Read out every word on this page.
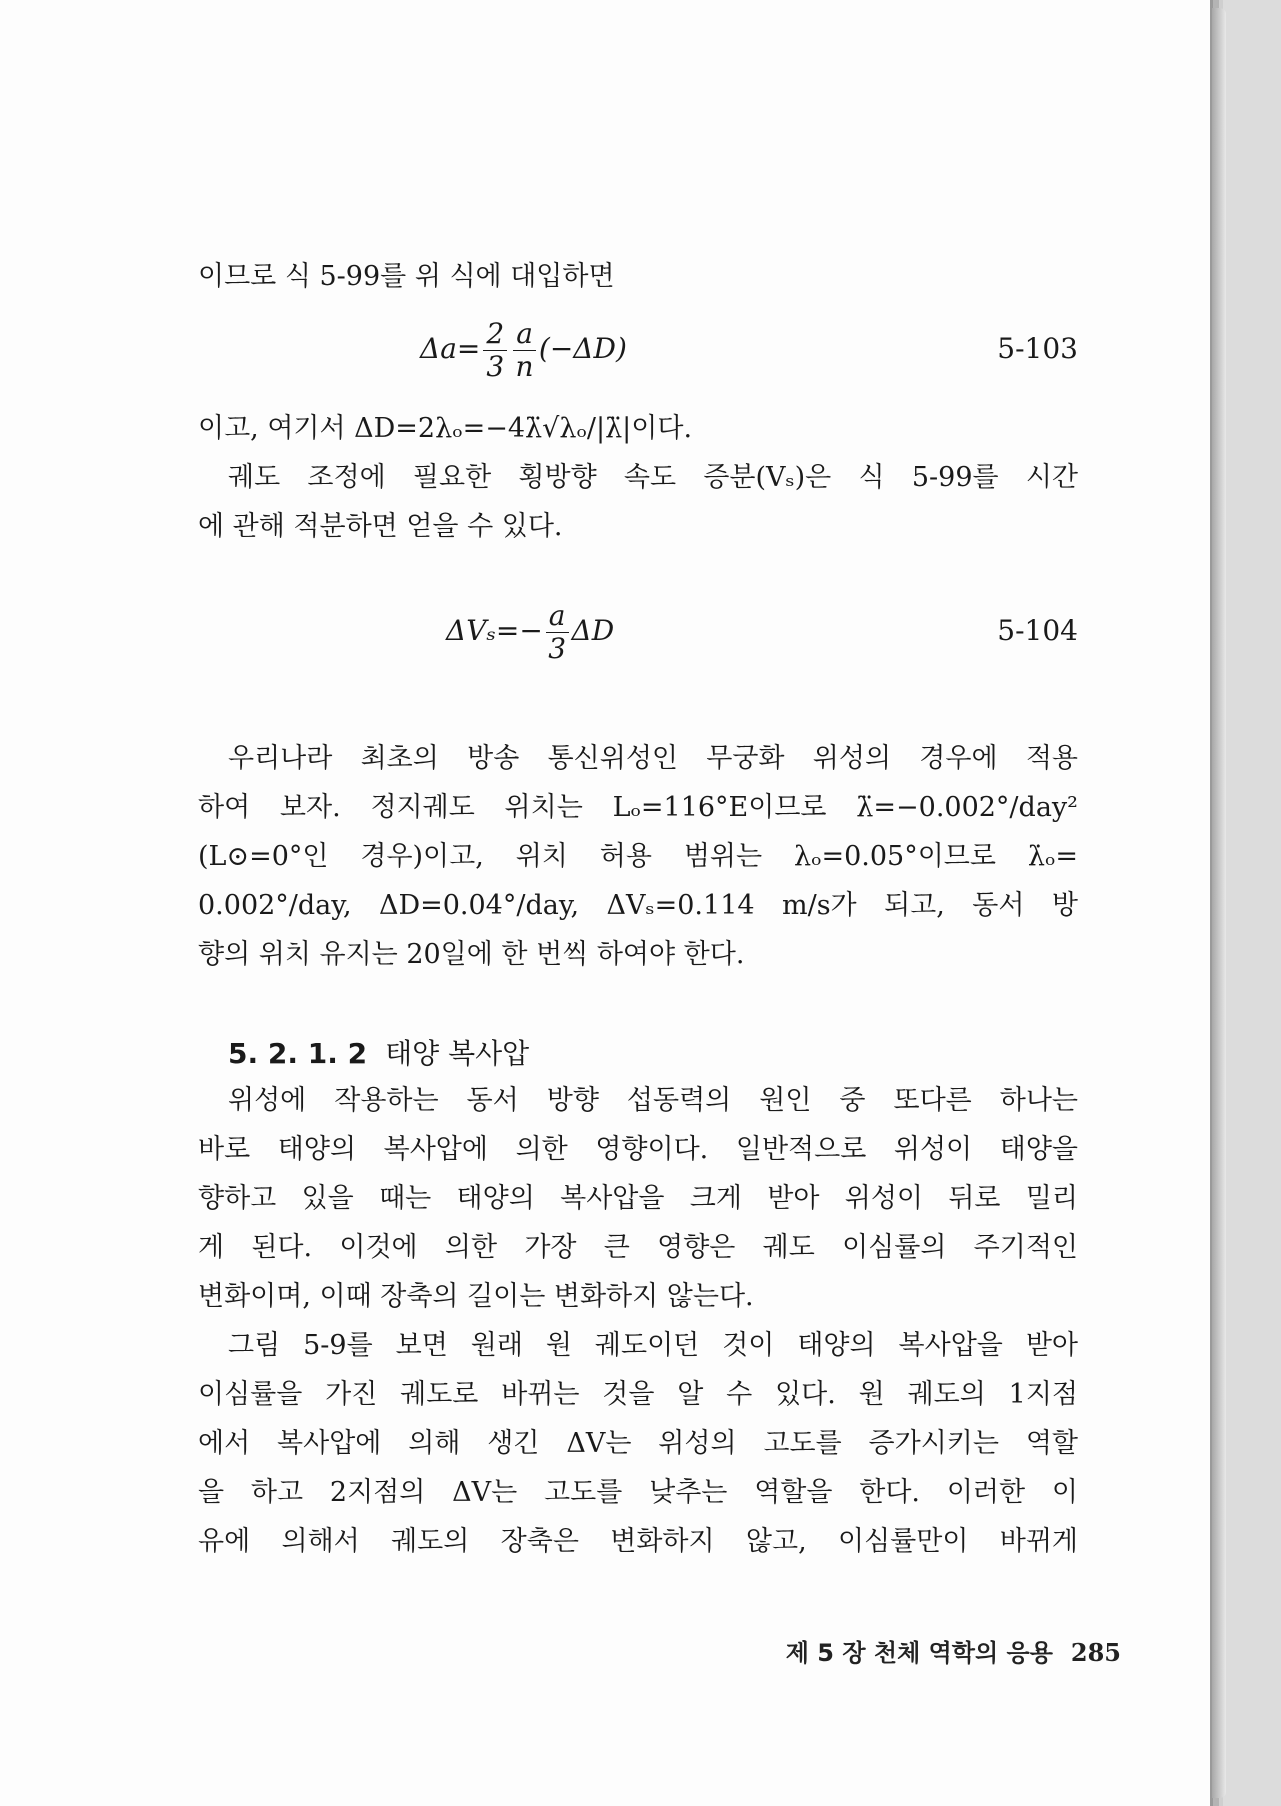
이므로 식 5-99를 위 식에 대입하면
$\Delta a= \frac{2}{3} \frac{a}{n} (-\Delta D)$	5-103
이고, 여기서 ΔD=2λₒ=−4λ̈√λₒ/|λ̈|이다.
궤도 조정에 필요한 횡방향 속도 증분(Vₛ)은 식 5-99를 시간
에 관해 적분하면 얻을 수 있다.
$\Delta V_s=- \frac{a}{3}$ ΔD	5-104
우리나라 최초의 방송 통신위성인 무궁화 위성의 경우에 적용
하여 보자. 정지궤도 위치는 Lₒ=116°E이므로 λ̈=−0.002°/day²
(L⊙=0°인 경우)이고, 위치 허용 범위는 λₒ=0.05°이므로 λ̇ₒ=
0.002°/day, ΔD=0.04°/day, ΔVₛ=0.114 m/s가 되고, 동서 방
향의 위치 유지는 20일에 한 번씩 하여야 한다.
5. 2. 1. 2 태양 복사압
위성에 작용하는 동서 방향 섭동력의 원인 중 또다른 하나는
바로 태양의 복사압에 의한 영향이다. 일반적으로 위성이 태양을
향하고 있을 때는 태양의 복사압을 크게 받아 위성이 뒤로 밀리
게 된다. 이것에 의한 가장 큰 영향은 궤도 이심률의 주기적인
변화이며, 이때 장축의 길이는 변화하지 않는다.
그림 5-9를 보면 원래 원 궤도이던 것이 태양의 복사압을 받아
이심률을 가진 궤도로 바뀌는 것을 알 수 있다. 원 궤도의 1지점
에서 복사압에 의해 생긴 ΔV는 위성의 고도를 증가시키는 역할
을 하고 2지점의 ΔV는 고도를 낮추는 역할을 한다. 이러한 이
유에 의해서 궤도의 장축은 변화하지 않고, 이심률만이 바뀌게
제 5 장 천체 역학의 응용 285
